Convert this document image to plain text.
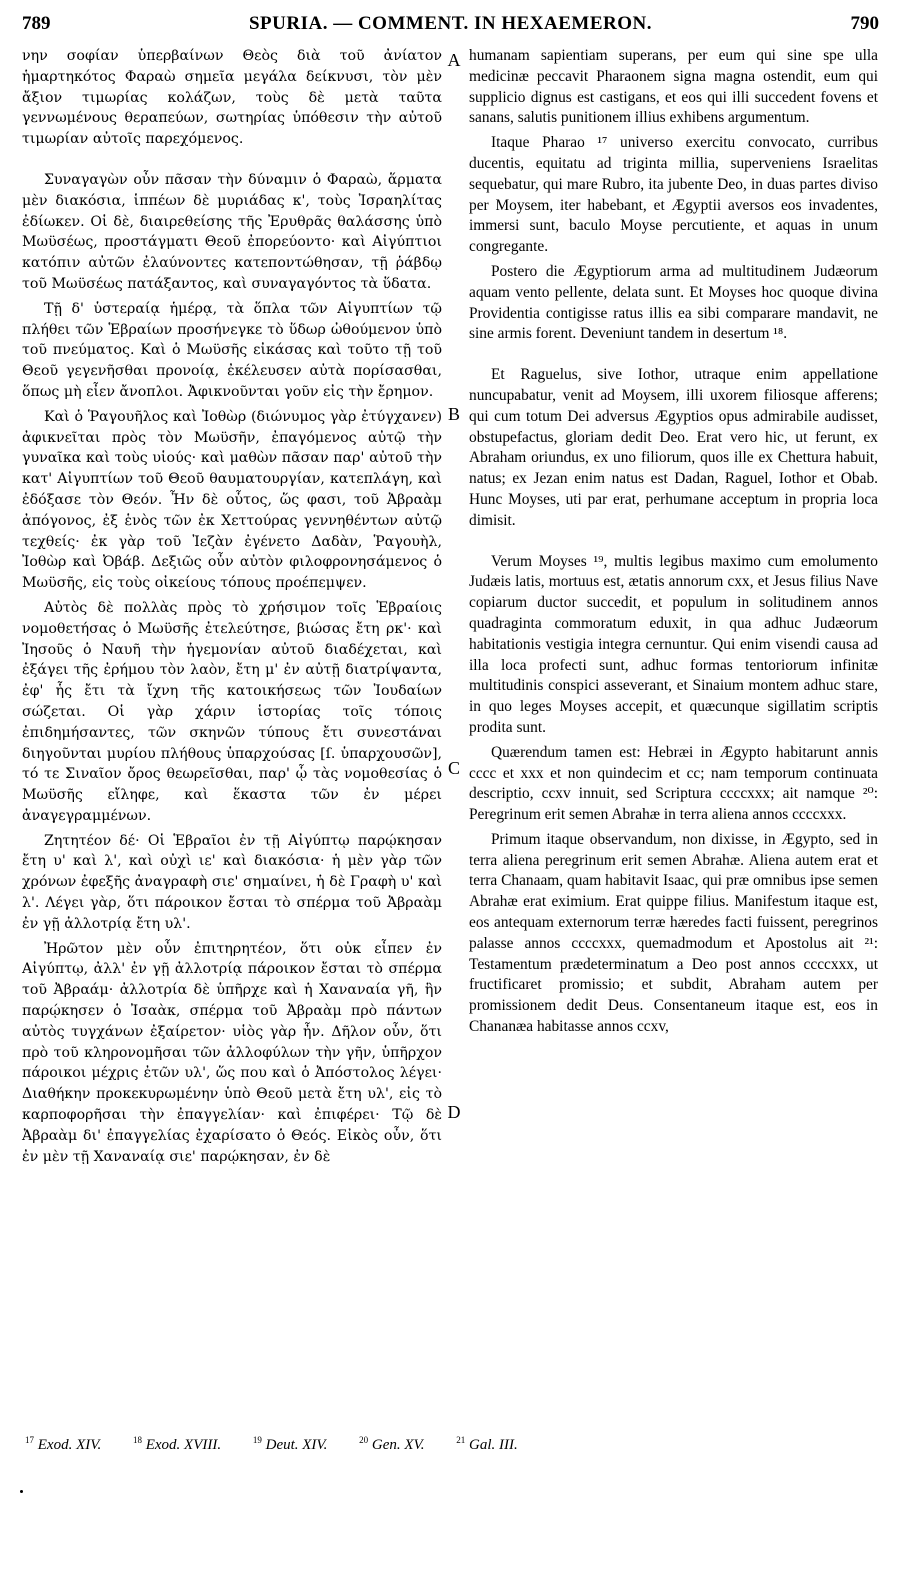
789	SPURIA. — COMMENT. IN HEXAEMERON.	790

νην σοφίαν ὑπερβαίνων Θεὸς διὰ τοῦ ἀνίατον ἡμαρτηκότος Φαραὼ σημεῖα μεγάλα δείκνυσι, τὸν μὲν ἄξιον τιμωρίας κολάζων, τοὺς δὲ μετὰ ταῦτα γεννωμένους θεραπεύων, σωτηρίας ὑπόθεσιν τὴν αὐτοῦ τιμωρίαν αὐτοῖς παρεχόμενος.

Συναγαγὼν οὖν πᾶσαν τὴν δύναμιν ὁ Φαραὼ, ἅρματα μὲν διακόσια, ἱππέων δὲ μυριάδας κ', τοὺς Ἰσραηλίτας ἐδίωκεν. Οἱ δὲ, διαιρεθείσης τῆς Ἐρυθρᾶς θαλάσσης ὑπὸ Μωϋσέως, προστάγματι Θεοῦ ἐπορεύοντο· καὶ Αἰγύπτιοι κατόπιν αὐτῶν ἐλαύνοντες κατεποντώθησαν, τῇ ῥάβδῳ τοῦ Μωϋσέως πατάξαντος, καὶ συναγαγόντος τὰ ὕδατα.

Τῇ δ' ὑστεραίᾳ ἡμέρᾳ, τὰ ὅπλα τῶν Αἰγυπτίων τῷ πλήθει τῶν Ἑβραίων προσήνεγκε τὸ ὕδωρ ὠθούμενον ὑπὸ τοῦ πνεύματος. Καὶ ὁ Μωϋσῆς εἰκάσας καὶ τοῦτο τῇ τοῦ Θεοῦ γεγενῆσθαι προνοίᾳ, ἐκέλευσεν αὐτὰ πορίσασθαι, ὅπως μὴ εἶεν ἄνοπλοι. Ἀφικνοῦνται γοῦν εἰς τὴν ἔρημον.

Καὶ ὁ Ῥαγουῆλος καὶ Ἰοθὼρ (διώνυμος γὰρ ἐτύγχανεν) ἀφικνεῖται πρὸς τὸν Μωϋσῆν, ἐπαγόμενος αὐτῷ τὴν γυναῖκα καὶ τοὺς υἱούς· καὶ μαθὼν πᾶσαν παρ' αὐτοῦ τὴν κατ' Αἰγυπτίων τοῦ Θεοῦ θαυματουργίαν, κατεπλάγη, καὶ ἐδόξασε τὸν Θεόν. Ἦν δὲ οὗτος, ὥς φασι, τοῦ Ἀβραὰμ ἀπόγονος, ἐξ ἑνὸς τῶν ἐκ Χεττούρας γεννηθέντων αὐτῷ τεχθείς· ἐκ γὰρ τοῦ Ἰεζὰν ἐγένετο Δαδὰν, Ῥαγουὴλ, Ἰοθὼρ καὶ Ὀβάβ. Δεξιῶς οὖν αὐτὸν φιλοφρονησάμενος ὁ Μωϋσῆς, εἰς τοὺς οἰκείους τόπους προέπεμψεν.

Αὐτὸς δὲ πολλὰς πρὸς τὸ χρήσιμον τοῖς Ἑβραίοις νομοθετήσας ὁ Μωϋσῆς ἐτελεύτησε, βιώσας ἔτη ρκ'· καὶ Ἰησοῦς ὁ Ναυῆ τὴν ἡγεμονίαν αὐτοῦ διαδέχεται, καὶ ἐξάγει τῆς ἐρήμου τὸν λαὸν, ἔτη μ' ἐν αὐτῇ διατρίψαντα, ἐφ' ἧς ἔτι τὰ ἴχνη τῆς κατοικήσεως τῶν Ἰουδαίων σώζεται. Οἱ γὰρ χάριν ἱστορίας τοῖς τόποις ἐπιδημήσαντες, τῶν σκηνῶν τύπους ἔτι συνεστάναι διηγοῦνται μυρίου πλήθους ὑπαρχούσας [ſ. ὑπαρχουσῶν], τό τε Σιναῖον ὄρος θεωρεῖσθαι, παρ' ᾧ τὰς νομοθεσίας ὁ Μωϋσῆς εἴληφε, καὶ ἕκαστα τῶν ἐν μέρει ἀναγεγραμμένων.

Ζητητέον δέ· Οἱ Ἑβραῖοι ἐν τῇ Αἰγύπτῳ παρῴκησαν ἔτη υ' καὶ λ', καὶ οὐχὶ ιε' καὶ διακόσια· ἡ μὲν γὰρ τῶν χρόνων ἐφεξῆς ἀναγραφὴ σιε' σημαίνει, ἡ δὲ Γραφὴ υ' καὶ λ'. Λέγει γὰρ, ὅτι πάροικον ἔσται τὸ σπέρμα τοῦ Ἀβραὰμ ἐν γῇ ἀλλοτρίᾳ ἔτη υλ'.

Ἠρῶτον μὲν οὖν ἐπιτηρητέον, ὅτι οὐκ εἶπεν ἐν Αἰγύπτῳ, ἀλλ' ἐν γῇ ἀλλοτρίᾳ πάροικον ἔσται τὸ σπέρμα τοῦ Ἀβραάμ· ἀλλοτρία δὲ ὑπῆρχε καὶ ἡ Χαναναία γῆ, ἣν παρῴκησεν ὁ Ἰσαὰκ, σπέρμα τοῦ Ἀβραὰμ πρὸ πάντων αὐτὸς τυγχάνων ἐξαίρετον· υἱὸς γὰρ ἦν. Δῆλον οὖν, ὅτι πρὸ τοῦ κληρονομῆσαι τῶν ἀλλοφύλων τὴν γῆν, ὑπῆρχον πάροικοι μέχρις ἐτῶν υλ', ὥς που καὶ ὁ Ἀπόστολος λέγει· Διαθήκην προκεκυρωμένην ὑπὸ Θεοῦ μετὰ ἔτη υλ', εἰς τὸ καρποφορῆσαι τὴν ἐπαγγελίαν· καὶ ἐπιφέρει· Τῷ δὲ Ἀβραὰμ δι' ἐπαγγελίας ἐχαρίσατο ὁ Θεός. Εἰκὸς οὖν, ὅτι ἐν μὲν τῇ Χαναναίᾳ σιε' παρῴκησαν, ἐν δὲ

A
B
C
D

humanam sapientiam superans, per eum qui sine spe ulla medicinæ peccavit Pharaonem signa magna ostendit, eum qui supplicio dignus est castigans, et eos qui illi succedent fovens et sanans, salutis punitionem illius exhibens argumentum.

Itaque Pharao ¹⁷ universo exercitu convocato, curribus ducentis, equitatu ad triginta millia, superveniens Israelitas sequebatur, qui mare Rubro, ita jubente Deo, in duas partes diviso per Moysem, iter habebant, et Ægyptii aversos eos invadentes, immersi sunt, baculo Moyse percutiente, et aquas in unum congregante.

Postero die Ægyptiorum arma ad multitudinem Judæorum aquam vento pellente, delata sunt. Et Moyses hoc quoque divina Providentia contigisse ratus illis ea sibi comparare mandavit, ne sine armis forent. Deveniunt tandem in desertum ¹⁸.

Et Raguelus, sive Iothor, utraque enim appellatione nuncupabatur, venit ad Moysem, illi uxorem filiosque afferens; qui cum totum Dei adversus Ægyptios opus admirabile audisset, obstupefactus, gloriam dedit Deo. Erat vero hic, ut ferunt, ex Abraham oriundus, ex uno filiorum, quos ille ex Chettura habuit, natus; ex Jezan enim natus est Dadan, Raguel, Iothor et Obab. Hunc Moyses, uti par erat, perhumane acceptum in propria loca dimisit.

Verum Moyses ¹⁹, multis legibus maximo cum emolumento Judæis latis, mortuus est, ætatis annorum cxx, et Jesus filius Nave copiarum ductor succedit, et populum in solitudinem annos quadraginta commoratum eduxit, in qua adhuc Judæorum habitationis vestigia integra cernuntur. Qui enim visendi causa ad illa loca profecti sunt, adhuc formas tentoriorum infinitæ multitudinis conspici asseverant, et Sinaium montem adhuc stare, in quo leges Moyses accepit, et quæcunque sigillatim scriptis prodita sunt.

Quærendum tamen est: Hebræi in Ægypto habitarunt annis cccc et xxx et non quindecim et cc; nam temporum continuata descriptio, ccxv innuit, sed Scriptura ccccxxx; ait namque ²⁰: Peregrinum erit semen Abrahæ in terra aliena annos ccccxxx.

Primum itaque observandum, non dixisse, in Ægypto, sed in terra aliena peregrinum erit semen Abrahæ. Aliena autem erat et terra Chanaam, quam habitavit Isaac, qui præ omnibus ipse semen Abrahæ erat eximium. Erat quippe filius. Manifestum itaque est, eos antequam externorum terræ hæredes facti fuissent, peregrinos palasse annos ccccxxx, quemadmodum et Apostolus ait ²¹: Testamentum prædeterminatum a Deo post annos ccccxxx, ut fructificaret promissio; et subdit, Abraham autem per promissionem dedit Deus. Consentaneum itaque est, eos in Chananæa habitasse annos ccxv,

$^{17}$ Exod. XIV.	$^{18}$ Exod. XVIII.	$^{19}$ Deut. XIV.	$^{20}$ Gen. XV.	$^{21}$ Gal. III.
